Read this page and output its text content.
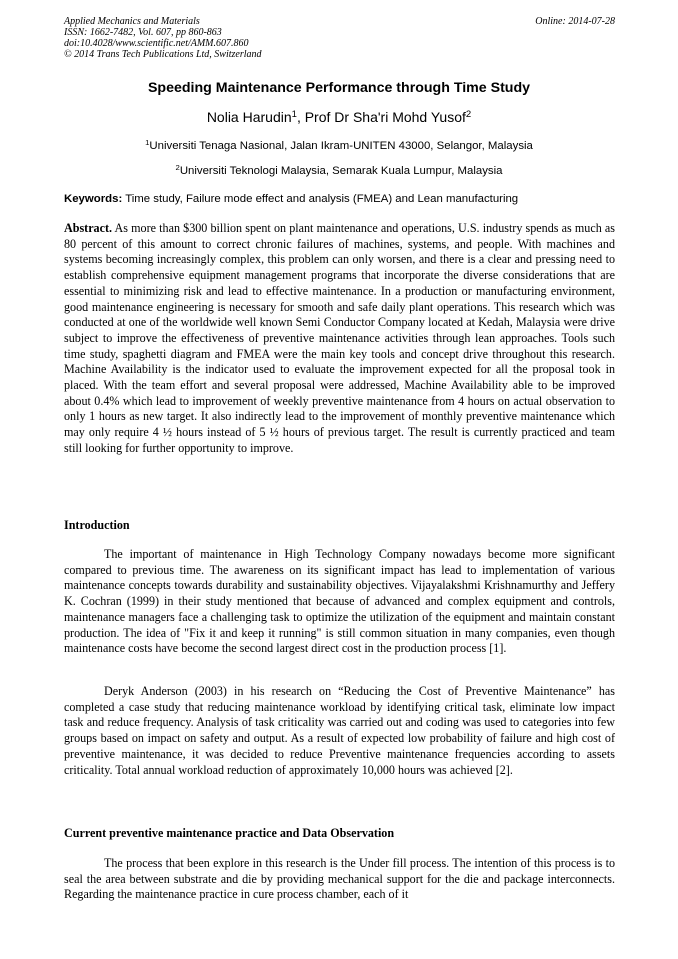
Applied Mechanics and Materials
ISSN: 1662-7482, Vol. 607, pp 860-863
doi:10.4028/www.scientific.net/AMM.607.860
© 2014 Trans Tech Publications Ltd, Switzerland
Online: 2014-07-28
Speeding Maintenance Performance through Time Study
Nolia Harudin$^1$, Prof Dr Sha'ri Mohd Yusof$^2$
$^1$Universiti Tenaga Nasional, Jalan Ikram-UNITEN 43000, Selangor, Malaysia
$^2$Universiti Teknologi Malaysia, Semarak Kuala Lumpur, Malaysia
Keywords: Time study, Failure mode effect and analysis (FMEA) and Lean manufacturing
Abstract. As more than $300 billion spent on plant maintenance and operations, U.S. industry spends as much as 80 percent of this amount to correct chronic failures of machines, systems, and people. With machines and systems becoming increasingly complex, this problem can only worsen, and there is a clear and pressing need to establish comprehensive equipment management programs that incorporate the diverse considerations that are essential to minimizing risk and lead to effective maintenance. In a production or manufacturing environment, good maintenance engineering is necessary for smooth and safe daily plant operations. This research which was conducted at one of the worldwide well known Semi Conductor Company located at Kedah, Malaysia were drive subject to improve the effectiveness of preventive maintenance activities through lean approaches. Tools such time study, spaghetti diagram and FMEA were the main key tools and concept drive throughout this research. Machine Availability is the indicator used to evaluate the improvement expected for all the proposal took in placed. With the team effort and several proposal were addressed, Machine Availability able to be improved about 0.4% which lead to improvement of weekly preventive maintenance from 4 hours on actual observation to only 1 hours as new target. It also indirectly lead to the improvement of monthly preventive maintenance which may only require 4 ½ hours instead of 5 ½ hours of previous target. The result is currently practiced and team still looking for further opportunity to improve.
Introduction
The important of maintenance in High Technology Company nowadays become more significant compared to previous time. The awareness on its significant impact has lead to implementation of various maintenance concepts towards durability and sustainability objectives. Vijayalakshmi Krishnamurthy and Jeffery K. Cochran (1999) in their study mentioned that because of advanced and complex equipment and controls, maintenance managers face a challenging task to optimize the utilization of the equipment and maintain constant production. The idea of "Fix it and keep it running" is still common situation in many companies, even though maintenance costs have become the second largest direct cost in the production process [1].
Deryk Anderson (2003) in his research on “Reducing the Cost of Preventive Maintenance” has completed a case study that reducing maintenance workload by identifying critical task, eliminate low impact task and reduce frequency. Analysis of task criticality was carried out and coding was used to categories into few groups based on impact on safety and output. As a result of expected low probability of failure and high cost of preventive maintenance, it was decided to reduce Preventive maintenance frequencies according to assets criticality. Total annual workload reduction of approximately 10,000 hours was achieved [2].
Current preventive maintenance practice and Data Observation
The process that been explore in this research is the Under fill process. The intention of this process is to seal the area between substrate and die by providing mechanical support for the die and package interconnects. Regarding the maintenance practice in cure process chamber, each of it
